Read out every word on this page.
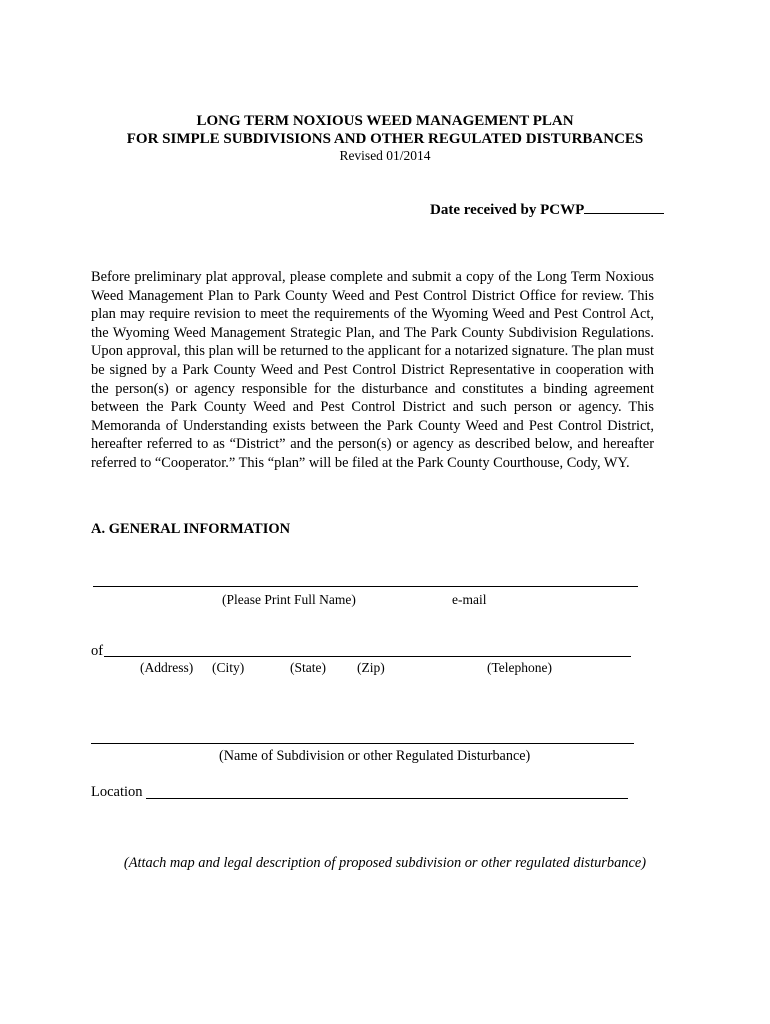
LONG TERM NOXIOUS WEED MANAGEMENT PLAN
FOR SIMPLE SUBDIVISIONS AND OTHER REGULATED DISTURBANCES
Revised 01/2014
Date received by PCWP
Before preliminary plat approval, please complete and submit a copy of the Long Term Noxious Weed Management Plan to Park County Weed and Pest Control District Office for review. This plan may require revision to meet the requirements of the Wyoming Weed and Pest Control Act, the Wyoming Weed Management Strategic Plan, and The Park County Subdivision Regulations. Upon approval, this plan will be returned to the applicant for a notarized signature. The plan must be signed by a Park County Weed and Pest Control District Representative in cooperation with the person(s) or agency responsible for the disturbance and constitutes a binding agreement between the Park County Weed and Pest Control District and such person or agency. This Memoranda of Understanding exists between the Park County Weed and Pest Control District, hereafter referred to as “District” and the person(s) or agency as described below, and hereafter referred to “Cooperator.” This “plan” will be filed at the Park County Courthouse, Cody, WY.
A. GENERAL INFORMATION
(Please Print Full Name)	e-mail
of
(Address) (City)	(State) (Zip)	(Telephone)
(Name of Subdivision or other Regulated Disturbance)
Location
(Attach map and legal description of proposed subdivision or other regulated disturbance)
